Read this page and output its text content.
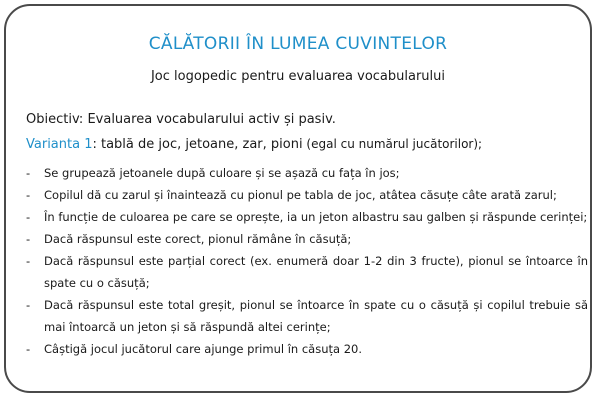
CĂLĂTORII ÎN LUMEA CUVINTELOR

Joc logopedic pentru evaluarea vocabularului

Obiectiv: Evaluarea vocabularului activ și pasiv.

Varianta 1: tablă de joc, jetoane, zar, pioni (egal cu numărul jucătorilor);

- Se grupează jetoanele după culoare și se așază cu fața în jos;
- Copilul dă cu zarul și înaintează cu pionul pe tabla de joc, atâtea căsuțe câte arată zarul;
- În funcție de culoarea pe care se oprește, ia un jeton albastru sau galben și răspunde cerinței;
- Dacă răspunsul este corect, pionul rămâne în căsuță;
- Dacă răspunsul este parțial corect (ex. enumeră doar 1-2 din 3 fructe), pionul se întoarce în spate cu o căsuță;
- Dacă răspunsul este total greșit, pionul se întoarce în spate cu o căsuță și copilul trebuie să mai întoarcă un jeton și să răspundă altei cerințe;
- Câștigă jocul jucătorul care ajunge primul în căsuța 20.
